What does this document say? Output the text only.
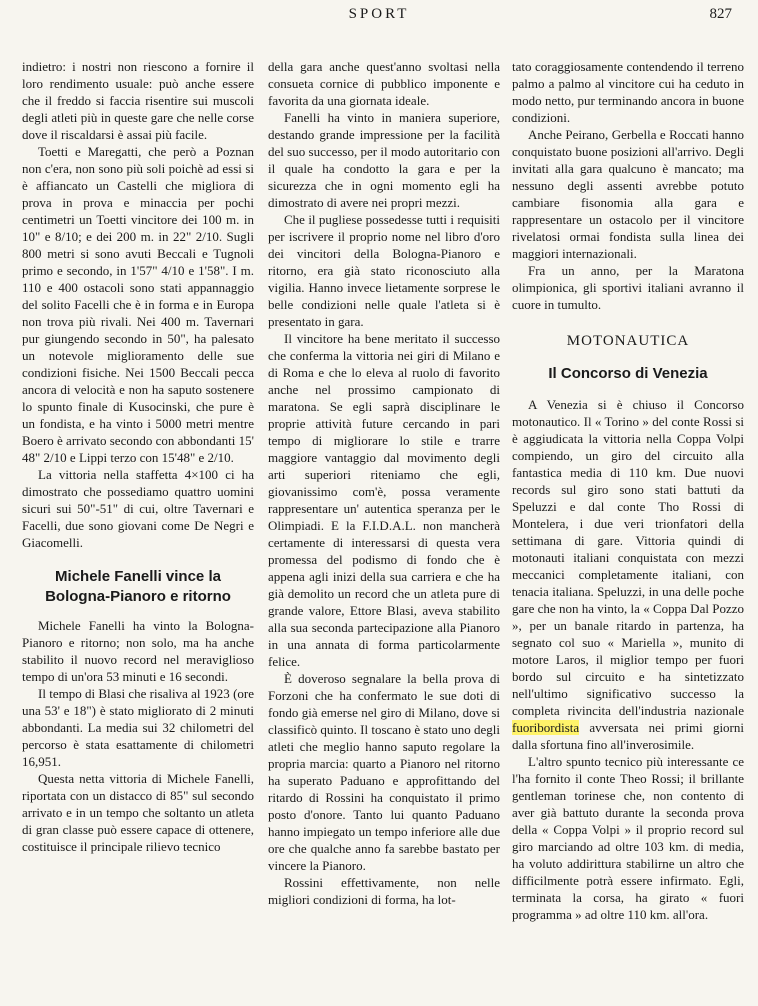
SPORT	827

indietro: i nostri non riescono a fornire il loro rendimento usuale: può anche essere che il freddo si faccia risentire sui muscoli degli atleti più in queste gare che nelle corse dove il riscaldarsi è assai più facile.

Toetti e Maregatti, che però a Poznan non c'era, non sono più soli poichè ad essi si è affiancato un Castelli che migliora di prova in prova e minaccia per pochi centimetri un Toetti vincitore dei 100 m. in 10" e 8/10; e dei 200 m. in 22" 2/10. Sugli 800 metri si sono avuti Beccali e Tugnoli primo e secondo, in 1'57" 4/10 e 1'58". I m. 110 e 400 ostacoli sono stati appannaggio del solito Facelli che è in forma e in Europa non trova più rivali. Nei 400 m. Tavernari pur giungendo secondo in 50", ha palesato un notevole miglioramento delle sue condizioni fisiche. Nei 1500 Beccali pecca ancora di velocità e non ha saputo sostenere lo spunto finale di Kusocinski, che pure è un fondista, e ha vinto i 5000 metri mentre Boero è arrivato secondo con abbondanti 15' 48" 2/10 e Lippi terzo con 15'48" e 2/10.

La vittoria nella staffetta 4×100 ci ha dimostrato che possediamo quattro uomini sicuri sui 50"-51" di cui, oltre Tavernari e Facelli, due sono giovani come De Negri e Giacomelli.

Michele Fanelli vince la Bologna-Pianoro e ritorno

Michele Fanelli ha vinto la Bologna-Pianoro e ritorno; non solo, ma ha anche stabilito il nuovo record nel meraviglioso tempo di un'ora 53 minuti e 16 secondi.

Il tempo di Blasi che risaliva al 1923 (ore una 53' e 18") è stato migliorato di 2 minuti abbondanti. La media sui 32 chilometri del percorso è stata esattamente di chilometri 16,951.

Questa netta vittoria di Michele Fanelli, riportata con un distacco di 85" sul secondo arrivato e in un tempo che soltanto un atleta di gran classe può essere capace di ottenere, costituisce il principale rilievo tecnico

della gara anche quest'anno svoltasi nella consueta cornice di pubblico imponente e favorita da una giornata ideale.

Fanelli ha vinto in maniera superiore, destando grande impressione per la facilità del suo successo, per il modo autoritario con il quale ha condotto la gara e per la sicurezza che in ogni momento egli ha dimostrato di avere nei propri mezzi.

Che il pugliese possedesse tutti i requisiti per iscrivere il proprio nome nel libro d'oro dei vincitori della Bologna-Pianoro e ritorno, era già stato riconosciuto alla vigilia. Hanno invece lietamente sorprese le belle condizioni nelle quale l'atleta si è presentato in gara.

Il vincitore ha bene meritato il successo che conferma la vittoria nei giri di Milano e di Roma e che lo eleva al ruolo di favorito anche nel prossimo campionato di maratona. Se egli saprà disciplinare le proprie attività future cercando in pari tempo di migliorare lo stile e trarre maggiore vantaggio dal movimento degli arti superiori riteniamo che egli, giovanissimo com'è, possa veramente rappresentare un' autentica speranza per le Olimpiadi. E la F.I.D.A.L. non mancherà certamente di interessarsi di questa vera promessa del podismo di fondo che è appena agli inizi della sua carriera e che ha già demolito un record che un atleta pure di grande valore, Ettore Blasi, aveva stabilito alla sua seconda partecipazione alla Pianoro in una annata di forma particolarmente felice.

È doveroso segnalare la bella prova di Forzoni che ha confermato le sue doti di fondo già emerse nel giro di Milano, dove si classificò quinto. Il toscano è stato uno degli atleti che meglio hanno saputo regolare la propria marcia: quarto a Pianoro nel ritorno ha superato Paduano e approfittando del ritardo di Rossini ha conquistato il primo posto d'onore. Tanto lui quanto Paduano hanno impiegato un tempo inferiore alle due ore che qualche anno fa sarebbe bastato per vincere la Pianoro.

Rossini effettivamente, non nelle migliori condizioni di forma, ha lot-

tato coraggiosamente contendendo il terreno palmo a palmo al vincitore cui ha ceduto in modo netto, pur terminando ancora in buone condizioni.

Anche Peirano, Gerbella e Roccati hanno conquistato buone posizioni all'arrivo. Degli invitati alla gara qualcuno è mancato; ma nessuno degli assenti avrebbe potuto cambiare fisonomia alla gara e rappresentare un ostacolo per il vincitore rivelatosi ormai fondista sulla linea dei maggiori internazionali.

Fra un anno, per la Maratona olimpionica, gli sportivi italiani avranno il cuore in tumulto.

MOTONAUTICA
Il Concorso di Venezia

A Venezia si è chiuso il Concorso motonautico. Il « Torino » del conte Rossi si è aggiudicata la vittoria nella Coppa Volpi compiendo, un giro del circuito alla fantastica media di 110 km. Due nuovi records sul giro sono stati battuti da Speluzzi e dal conte Tho Rossi di Montelera, i due veri trionfatori della settimana di gare. Vittoria quindi di motonauti italiani conquistata con mezzi meccanici completamente italiani, con tenacia italiana. Speluzzi, in una delle poche gare che non ha vinto, la « Coppa Dal Pozzo », per un banale ritardo in partenza, ha segnato col suo « Mariella », munito di motore Laros, il miglior tempo per fuori bordo sul circuito e ha sintetizzato nell'ultimo significativo successo la completa rivincita dell'industria nazionale fuoribordista avversata nei primi giorni dalla sfortuna fino all'inverosimile.

L'altro spunto tecnico più interessante ce l'ha fornito il conte Theo Rossi; il brillante gentleman torinese che, non contento di aver già battuto durante la seconda prova della « Coppa Volpi » il proprio record sul giro marciando ad oltre 103 km. di media, ha voluto addirittura stabilirne un altro che difficilmente potrà essere infirmato. Egli, terminata la corsa, ha girato « fuori programma » ad oltre 110 km. all'ora.
